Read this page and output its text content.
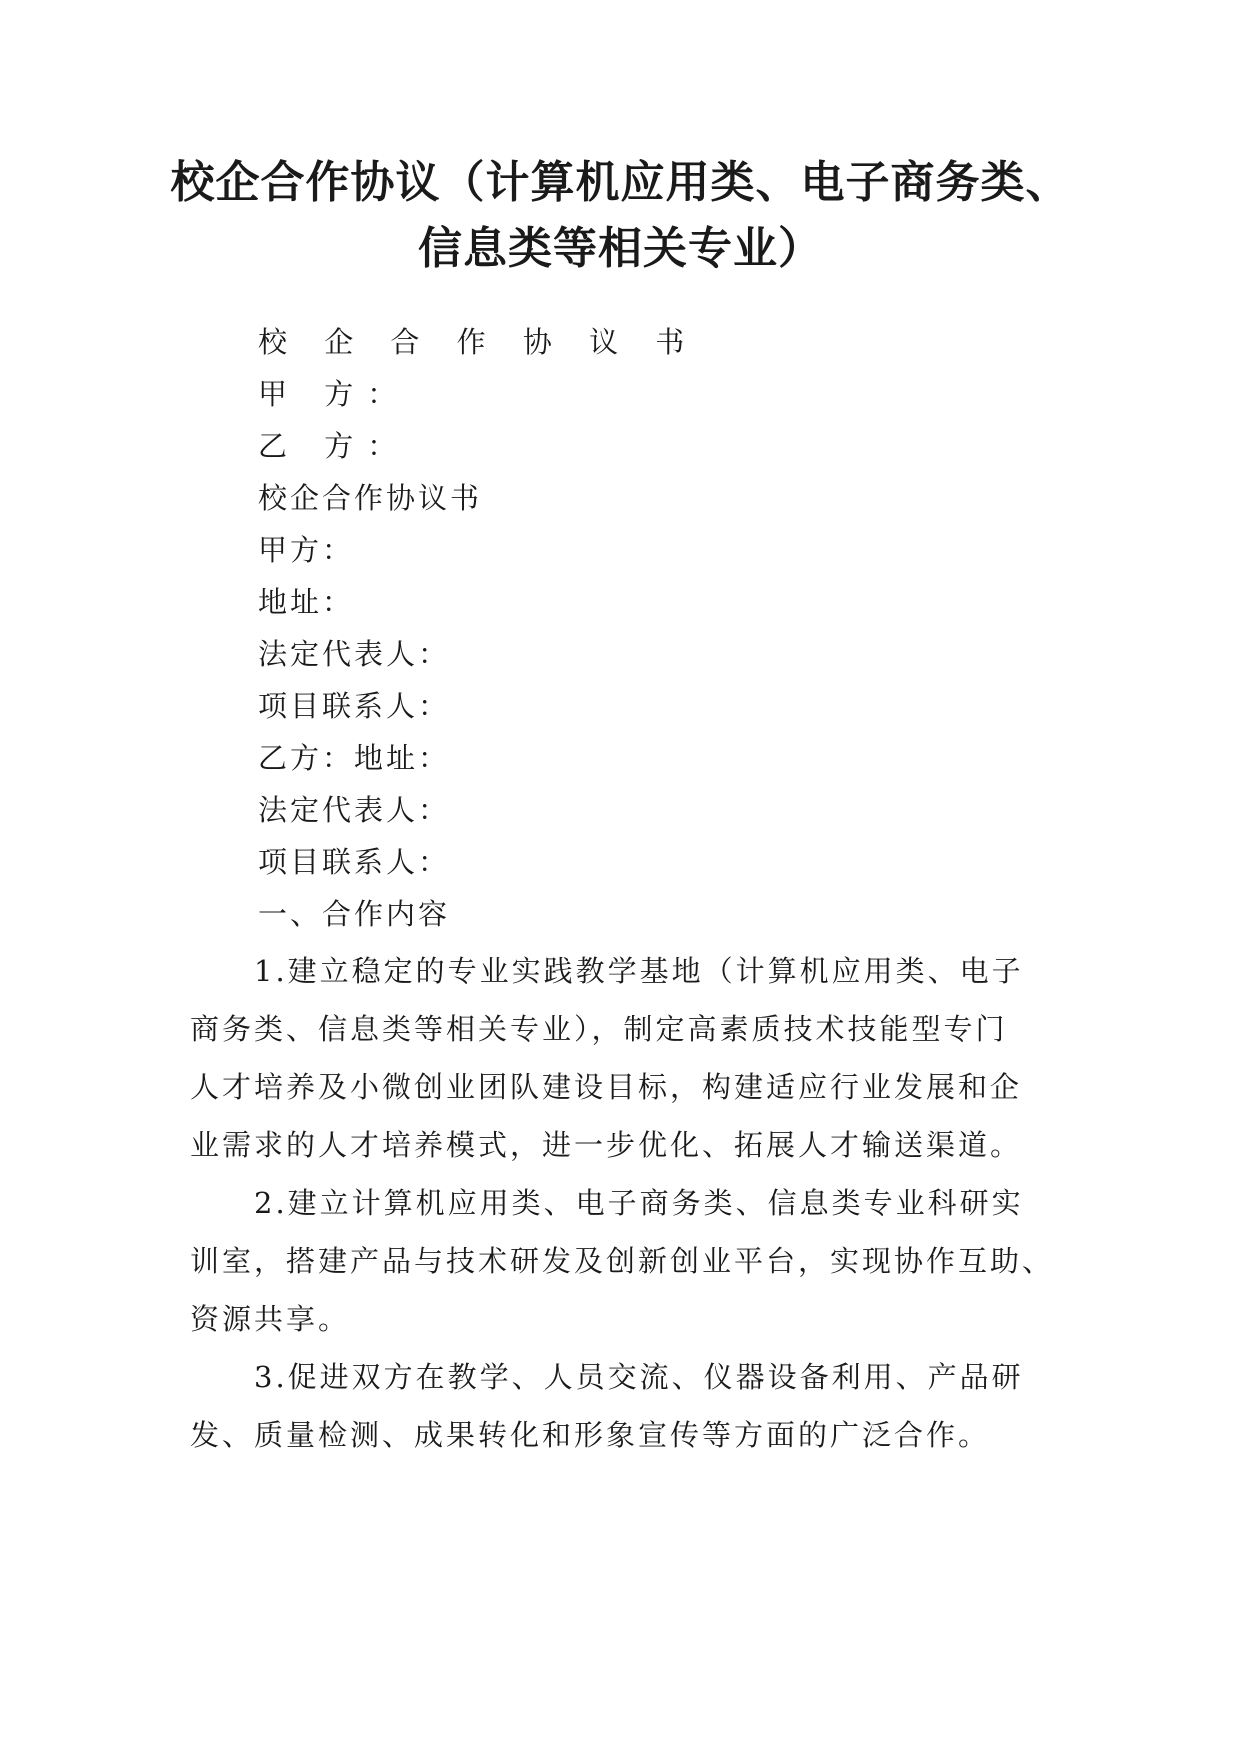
校企合作协议（计算机应用类、电子商务类、
信息类等相关专业）
校 企 合 作 协 议 书
甲 方：
乙 方：
校企合作协议书
甲方：
地址：
法定代表人：
项目联系人：
乙方：地址：
法定代表人：
项目联系人：
一、合作内容
1.建立稳定的专业实践教学基地（计算机应用类、电子
商务类、信息类等相关专业），制定高素质技术技能型专门
人才培养及小微创业团队建设目标，构建适应行业发展和企
业需求的人才培养模式，进一步优化、拓展人才输送渠道。
2.建立计算机应用类、电子商务类、信息类专业科研实
训室，搭建产品与技术研发及创新创业平台，实现协作互助、
资源共享。
3.促进双方在教学、人员交流、仪器设备利用、产品研
发、质量检测、成果转化和形象宣传等方面的广泛合作。
